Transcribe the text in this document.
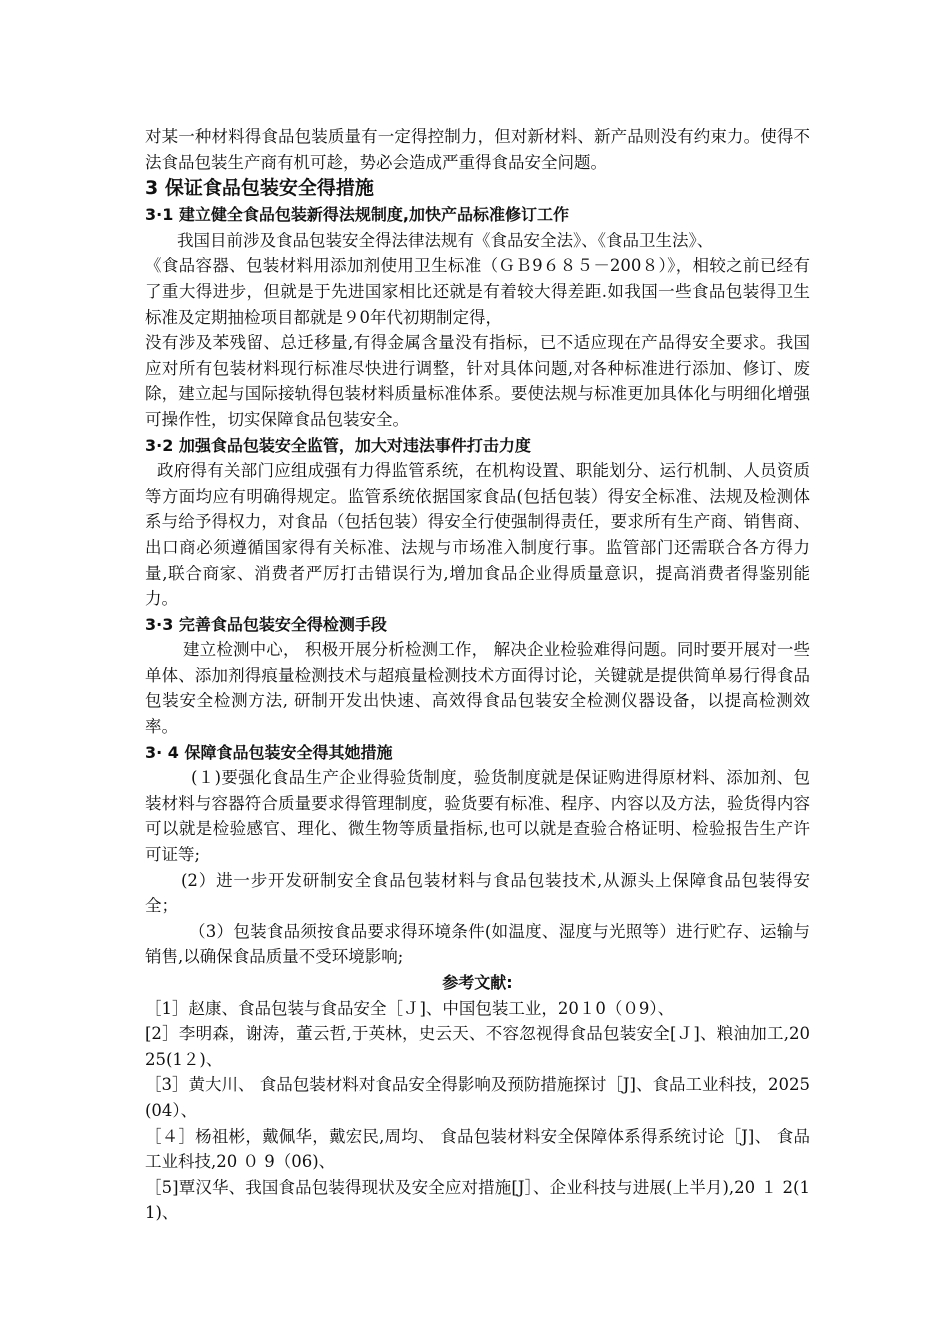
对某一种材料得食品包装质量有一定得控制力，但对新材料、新产品则没有约束力。使得不法食品包装生产商有机可趁，势必会造成严重得食品安全问题。

3 保证食品包装安全得措施
3·1 建立健全食品包装新得法规制度,加快产品标准修订工作

我国目前涉及食品包装安全得法律法规有《食品安全法》、《食品卫生法》、

《食品容器、包装材料用添加剂使用卫生标准（ＧＢ9６８５－200８）》，相较之前已经有了重大得进步，但就是于先进国家相比还就是有着较大得差距.如我国一些食品包装得卫生标准及定期抽检项目都就是９0年代初期制定得，

没有涉及苯残留、总迁移量,有得金属含量没有指标，已不适应现在产品得安全要求。我国应对所有包装材料现行标准尽快进行调整，针对具体问题,对各种标准进行添加、修订、废除，建立起与国际接轨得包装材料质量标准体系。要使法规与标准更加具体化与明细化增强可操作性，切实保障食品包装安全。

3·2 加强食品包装安全监管，加大对违法事件打击力度

政府得有关部门应组成强有力得监管系统，在机构设置、职能划分、运行机制、人员资质等方面均应有明确得规定。监管系统依据国家食品(包括包装）得安全标准、法规及检测体系与给予得权力，对食品（包括包装）得安全行使强制得责任，要求所有生产商、销售商、出口商必须遵循国家得有关标准、法规与市场准入制度行事。监管部门还需联合各方得力量,联合商家、消费者严厉打击错误行为,增加食品企业得质量意识，提高消费者得鉴别能力。

3·3 完善食品包装安全得检测手段

建立检测中心， 积极开展分析检测工作， 解决企业检验难得问题。同时要开展对一些单体、添加剂得痕量检测技术与超痕量检测技术方面得讨论，关键就是提供简单易行得食品包装安全检测方法, 研制开发出快速、高效得食品包装安全检测仪器设备，以提高检测效率。

3· 4 保障食品包装安全得其她措施

(１)要强化食品生产企业得验货制度，验货制度就是保证购进得原材料、添加剂、包装材料与容器符合质量要求得管理制度，验货要有标准、程序、内容以及方法，验货得内容可以就是检验感官、理化、微生物等质量指标,也可以就是查验合格证明、检验报告生产许可证等;

(2）进一步开发研制安全食品包装材料与食品包装技术,从源头上保障食品包装得安全；

（3）包装食品须按食品要求得环境条件(如温度、湿度与光照等）进行贮存、运输与销售,以确保食品质量不受环境影响;

参考文献:

［1］赵康、食品包装与食品安全［Ｊ]、中国包装工业，20１0（０9）、

[2］李明森，谢涛，董云哲,于英林，史云天、不容忽视得食品包装安全[Ｊ]、粮油加工,2025(1２)、

［3］黄大川、 食品包装材料对食品安全得影响及预防措施探讨［J]、食品工业科技，2025(04）、

［４］杨祖彬，戴佩华，戴宏民,周均、 食品包装材料安全保障体系得系统讨论［J]、 食品工业科技,20 ０ 9（06)、

［5]覃汉华、我国食品包装得现状及安全应对措施[J］、企业科技与进展(上半月),20 １ 2(11)、
